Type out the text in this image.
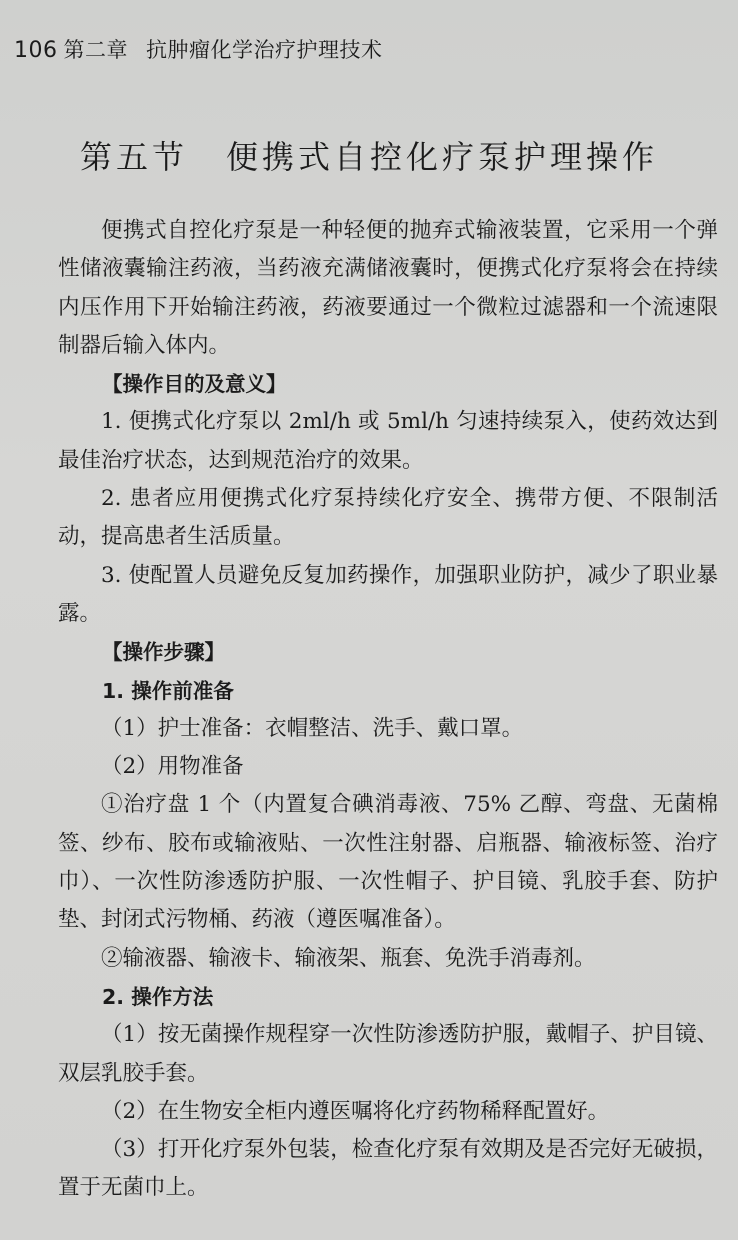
106 第二章 抗肿瘤化学治疗护理技术
第五节 便携式自控化疗泵护理操作

便携式自控化疗泵是一种轻便的抛弃式输液装置，它采用一个弹性储液囊输注药液，当药液充满储液囊时，便携式化疗泵将会在持续内压作用下开始输注药液，药液要通过一个微粒过滤器和一个流速限制器后输入体内。

【操作目的及意义】

1. 便携式化疗泵以 2ml/h 或 5ml/h 匀速持续泵入，使药效达到最佳治疗状态，达到规范治疗的效果。

2. 患者应用便携式化疗泵持续化疗安全、携带方便、不限制活动，提高患者生活质量。

3. 使配置人员避免反复加药操作，加强职业防护，减少了职业暴露。

【操作步骤】

1. 操作前准备

（1）护士准备：衣帽整洁、洗手、戴口罩。

（2）用物准备

①治疗盘 1 个（内置复合碘消毒液、75% 乙醇、弯盘、无菌棉签、纱布、胶布或输液贴、一次性注射器、启瓶器、输液标签、治疗巾）、一次性防渗透防护服、一次性帽子、护目镜、乳胶手套、防护垫、封闭式污物桶、药液（遵医嘱准备）。

②输液器、输液卡、输液架、瓶套、免洗手消毒剂。

2. 操作方法

（1）按无菌操作规程穿一次性防渗透防护服，戴帽子、护目镜、双层乳胶手套。

（2）在生物安全柜内遵医嘱将化疗药物稀释配置好。

（3）打开化疗泵外包装，检查化疗泵有效期及是否完好无破损，置于无菌巾上。
